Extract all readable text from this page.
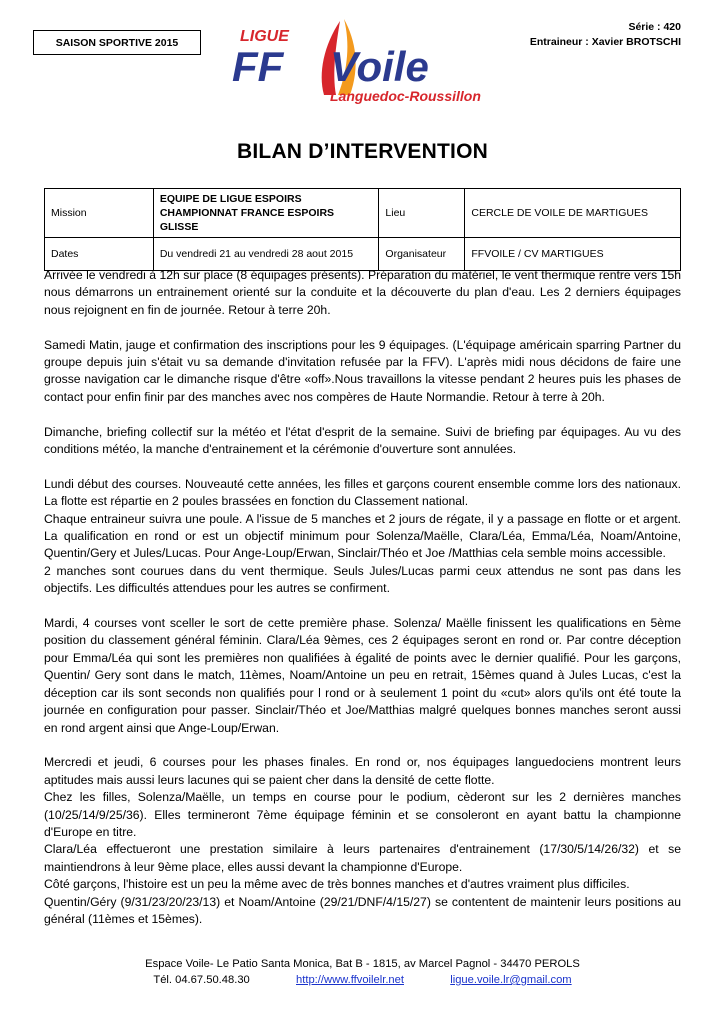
SAISON SPORTIVE 2015	LIGUE
FF Voile
Languedoc-Roussillon
Série : 420
Entraineur : Xavier BROTSCHI
BILAN D’INTERVENTION
Mission	EQUIPE DE LIGUE ESPOIRS
CHAMPIONNAT FRANCE ESPOIRS GLISSE	Lieu	CERCLE DE VOILE DE MARTIGUES
Dates	Du vendredi 21 au vendredi 28 aout 2015	Organisateur	FFVOILE / CV MARTIGUES

Arrivée le vendredi à 12h sur place (8 équipages présents). Préparation du matériel, le vent thermique rentre vers 15h nous démarrons un entrainement orienté sur la conduite et la découverte du plan d'eau. Les 2 derniers équipages nous rejoignent en fin de journée. Retour à terre 20h.

Samedi Matin, jauge et confirmation des inscriptions pour les 9 équipages. (L'équipage américain sparring Partner du groupe depuis juin s'était vu sa demande d'invitation refusée par la FFV). L'après midi nous décidons de faire une grosse navigation car le dimanche risque d'être «off».Nous travaillons la vitesse pendant 2 heures puis les phases de contact pour enfin finir par des manches avec nos compères de Haute Normandie. Retour à terre à 20h.

Dimanche, briefing collectif sur la météo et l'état d'esprit de la semaine. Suivi de briefing par équipages. Au vu des conditions météo, la manche d'entrainement et la cérémonie d'ouverture sont annulées.

Lundi début des courses. Nouveauté cette années, les filles et garçons courent ensemble comme lors des nationaux. La flotte est répartie en 2 poules brassées en fonction du Classement national.
Chaque entraineur suivra une poule. A l'issue de 5 manches et 2 jours de régate, il y a passage en flotte or et argent. La qualification en rond or est un objectif minimum pour Solenza/Maëlle, Clara/Léa, Emma/Léa, Noam/Antoine, Quentin/Gery et Jules/Lucas. Pour Ange-Loup/Erwan, Sinclair/Théo et Joe /Matthias cela semble moins accessible.
2 manches sont courues dans du vent thermique. Seuls Jules/Lucas parmi ceux attendus ne sont pas dans les objectifs. Les difficultés attendues pour les autres se confirment.

Mardi, 4 courses vont sceller le sort de cette première phase. Solenza/ Maëlle finissent les qualifications en 5ème position du classement général féminin. Clara/Léa 9èmes, ces 2 équipages seront en rond or. Par contre déception pour Emma/Léa qui sont les premières non qualifiées à égalité de points avec le dernier qualifié. Pour les garçons, Quentin/ Gery sont dans le match, 11èmes, Noam/Antoine un peu en retrait, 15èmes quand à Jules Lucas, c'est la déception car ils sont seconds non qualifiés pour l rond or à seulement 1 point du «cut» alors qu'ils ont été toute la journée en configuration pour passer. Sinclair/Théo et Joe/Matthias malgré quelques bonnes manches seront aussi en rond argent ainsi que Ange-Loup/Erwan.

Mercredi et jeudi, 6 courses pour les phases finales. En rond or, nos équipages languedociens montrent leurs aptitudes mais aussi leurs lacunes qui se paient cher dans la densité de cette flotte.
Chez les filles, Solenza/Maëlle, un temps en course pour le podium, cèderont sur les 2 dernières manches (10/25/14/9/25/36). Elles termineront 7ème équipage féminin et se consoleront en ayant battu la championne d'Europe en titre.
Clara/Léa effectueront une prestation similaire à leurs partenaires d'entrainement (17/30/5/14/26/32) et se maintiendrons à leur 9ème place, elles aussi devant la championne d'Europe.
Côté garçons, l'histoire est un peu la même avec de très bonnes manches et d'autres vraiment plus difficiles.
Quentin/Géry (9/31/23/20/23/13) et Noam/Antoine (29/21/DNF/4/15/27) se contentent de maintenir leurs positions au général (11èmes et 15èmes).

Espace Voile- Le Patio Santa Monica, Bat B - 1815, av Marcel Pagnol - 34470 PEROLS
Tél. 04.67.50.48.30	http://www.ffvoilelr.net	ligue.voile.lr@gmail.com
